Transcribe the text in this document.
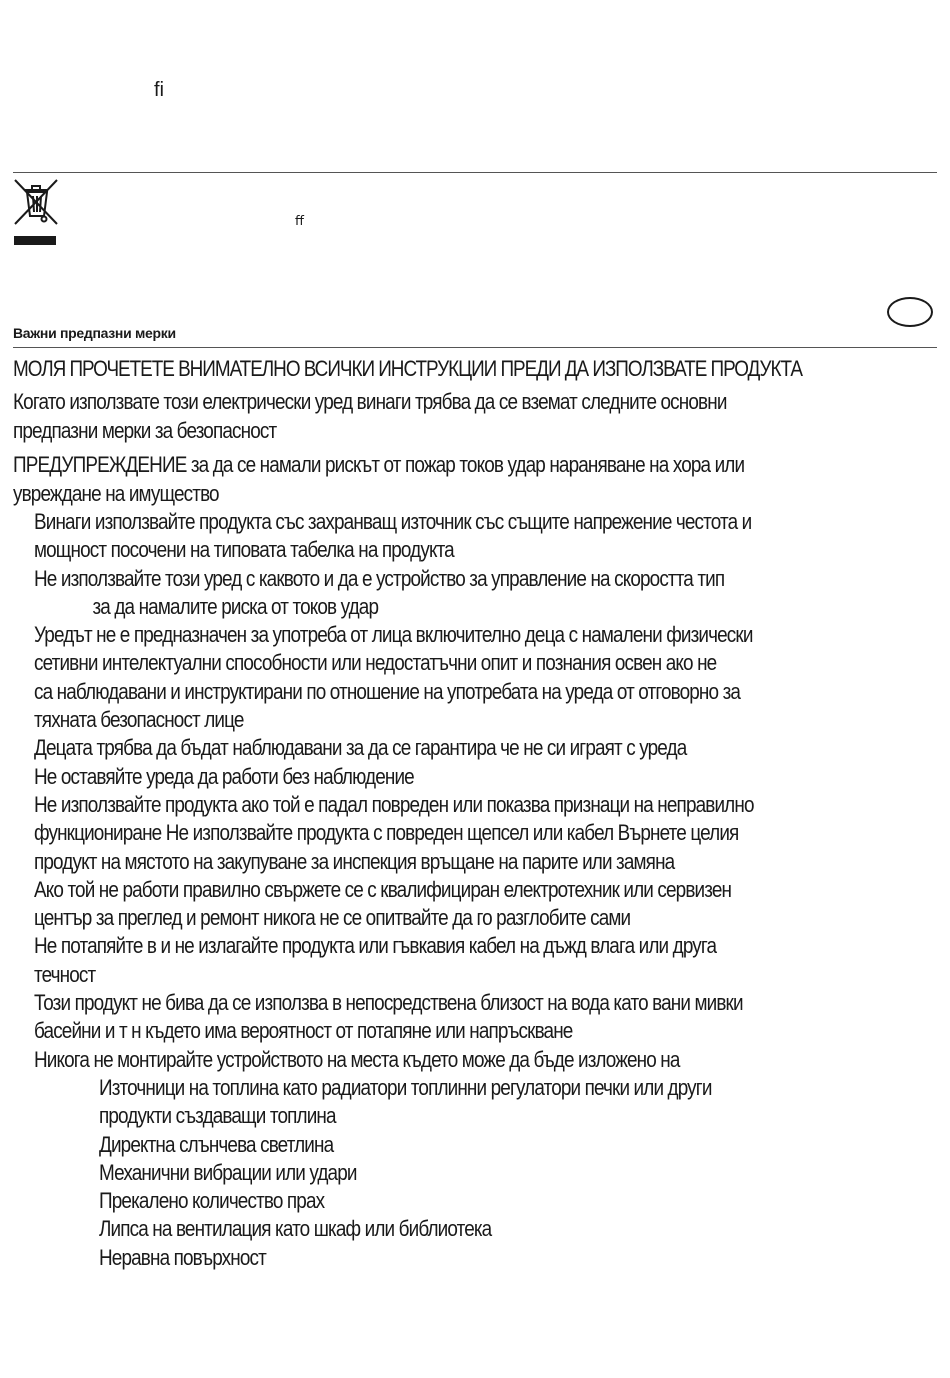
ﬁ
ﬀ
Важни предпазни мерки
МОЛЯ ПРОЧЕТЕТЕ ВНИМАТЕЛНО ВСИЧКИ ИНСТРУКЦИИ ПРЕДИ ДА ИЗПОЛЗВАТЕ ПРОДУКТА
Когато използвате този електрически уред винаги трябва да се вземат следните основни
предпазни мерки за безопасност
ПРЕДУПРЕЖДЕНИЕ за да се намали рискът от пожар токов удар нараняване на хора или
увреждане на имущество
Винаги използвайте продукта със захранващ източник със същите напрежение честота и
мощност посочени на типовата табелка на продукта
Не използвайте този уред с каквото и да е устройство за управление на скоростта тип
за да намалите риска от токов удар
Уредът не е предназначен за употреба от лица включително деца с намалени физически
сетивни интелектуални способности или недостатъчни опит и познания освен ако не
са наблюдавани и инструктирани по отношение на употребата на уреда от отговорно за
тяхната безопасност лице
Децата трябва да бъдат наблюдавани за да се гарантира че не си играят с уреда
Не оставяйте уреда да работи без наблюдение
Не използвайте продукта ако той е падал повреден или показва признаци на неправилно
функциониране Не използвайте продукта с повреден щепсел или кабел Върнете целия
продукт на мястото на закупуване за инспекция връщане на парите или замяна
Ако той не работи правилно свържете се с квалифициран електротехник или сервизен
център за преглед и ремонт никога не се опитвайте да го разглобите сами
Не потапяйте в и не излагайте продукта или гъвкавия кабел на дъжд влага или друга
течност
Този продукт не бива да се използва в непосредствена близост на вода като вани мивки
басейни и т н където има вероятност от потапяне или напръскване
Никога не монтирайте устройството на места където може да бъде изложено на
Източници на топлина като радиатори топлинни регулатори печки или други
продукти създаващи топлина
Директна слънчева светлина
Механични вибрации или удари
Прекалено количество прах
Липса на вентилация като шкаф или библиотека
Неравна повърхност
